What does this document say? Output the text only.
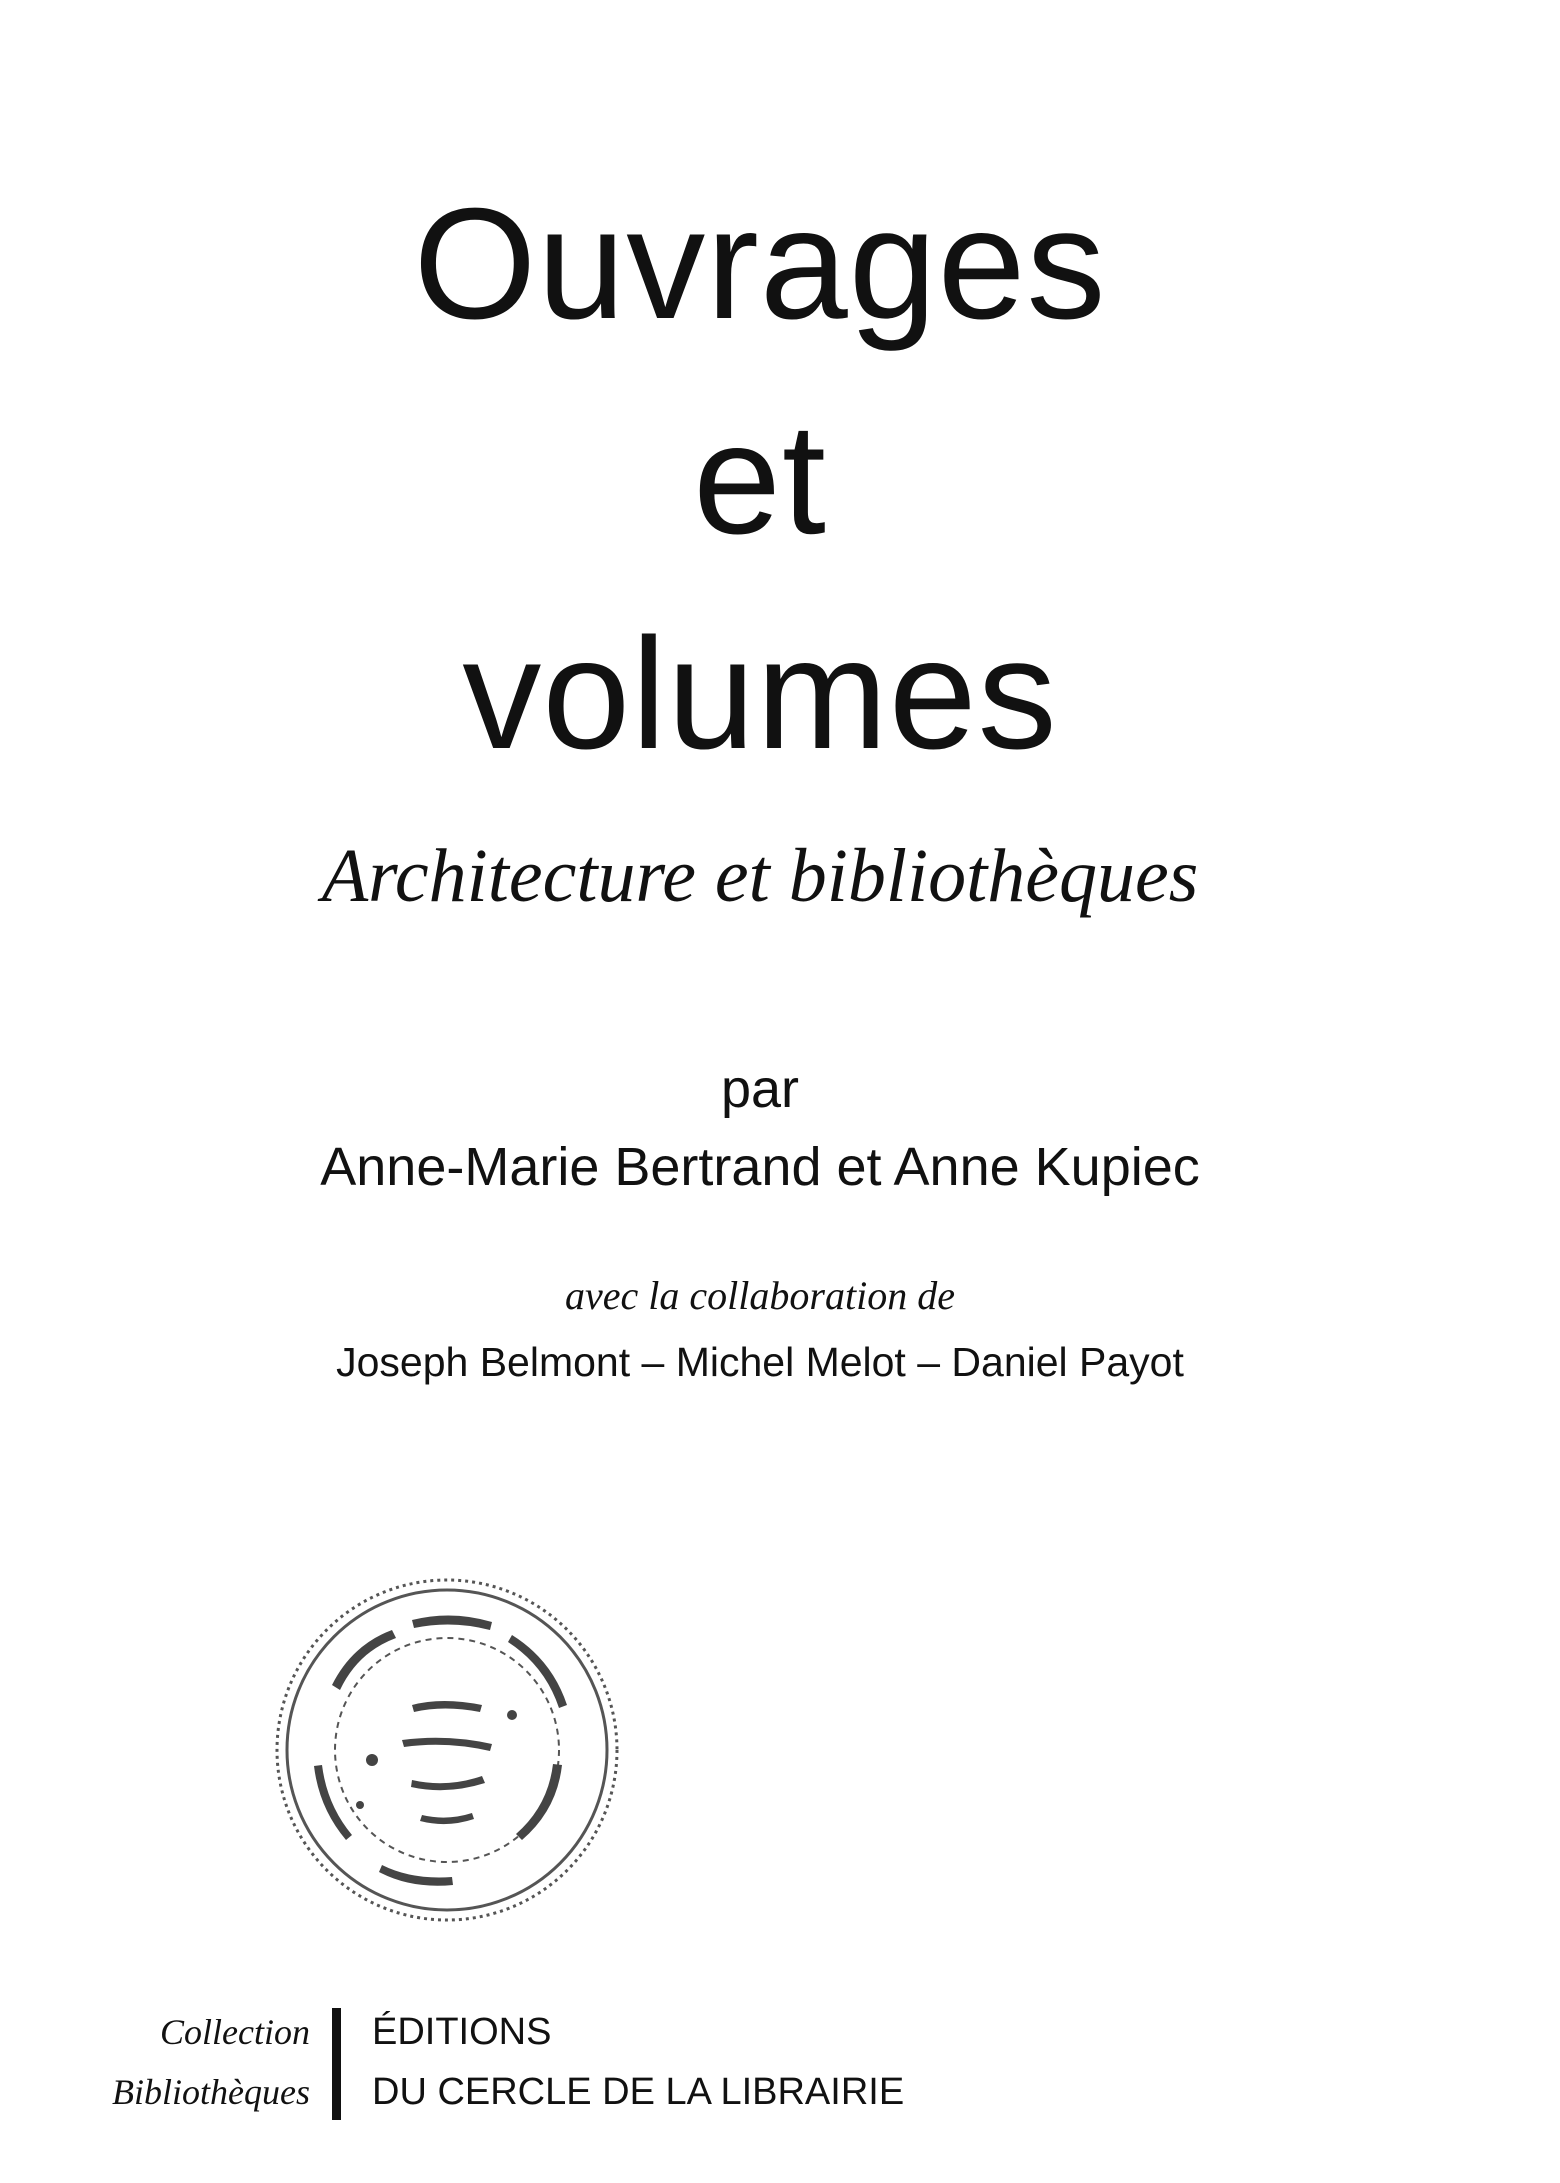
Ouvrages
et
volumes
Architecture et bibliothèques
par
Anne-Marie Bertrand et Anne Kupiec
avec la collaboration de
Joseph Belmont – Michel Melot – Daniel Payot
Collection
Bibliothèques
ÉDITIONS
DU CERCLE DE LA LIBRAIRIE
